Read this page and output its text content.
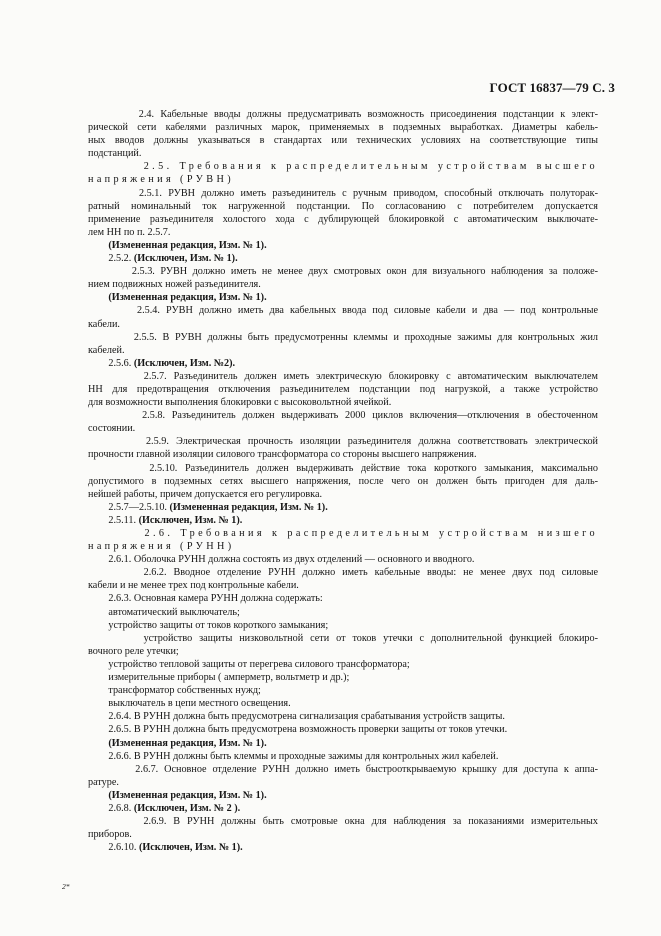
ГОСТ 16837—79 С. 3
2.4. Кабельные вводы должны предусматривать возможность присоединения подстанции к элект-
рической сети кабелями различных марок, применяемых в подземных выработках. Диаметры кабель-
ных вводов должны указываться в стандартах или технических условиях на соответствующие типы
подстанций.
2.5. Требования к распределительным устройствам высшего
напряжения (РУВН)
2.5.1. РУВН должно иметь разъединитель с ручным приводом, способный отключать полуторак-
ратный номинальный ток нагруженной подстанции. По согласованию с потребителем допускается
применение разъединителя холостого хода с дублирующей блокировкой с автоматическим выключате-
лем НН по п. 2.5.7.
(Измененная редакция, Изм. № 1).
2.5.2. (Исключен, Изм. № 1).
2.5.3. РУВН должно иметь не менее двух смотровых окон для визуального наблюдения за положе-
нием подвижных ножей разъединителя.
(Измененная редакция, Изм. № 1).
2.5.4. РУВН должно иметь два кабельных ввода под силовые кабели и два — под контрольные
кабели.
2.5.5. В РУВН должны быть предусмотренны клеммы и проходные зажимы для контрольных жил
кабелей.
2.5.6. (Исключен, Изм. №2).
2.5.7. Разъединитель должен иметь электрическую блокировку с автоматическим выключателем
НН для предотвращения отключения разъединителем подстанции под нагрузкой, а также устройство
для возможности выполнения блокировки с высоковольтной ячейкой.
2.5.8. Разъединитель должен выдерживать 2000 циклов включения—отключения в обесточенном
состоянии.
2.5.9. Электрическая прочность изоляции разъединителя должна соответствовать электрической
прочности главной изоляции силового трансформатора со стороны высшего напряжения.
2.5.10. Разъединитель должен выдерживать действие тока короткого замыкания, максимально
допустимого в подземных сетях высшего напряжения, после чего он должен быть пригоден для даль-
нейшей работы, причем допускается его регулировка.
2.5.7—2.5.10. (Измененная редакция, Изм. № 1).
2.5.11. (Исключен, Изм. № 1).
2.6. Требования к распределительным устройствам низшего
напряжения (РУНН)
2.6.1. Оболочка РУНН должна состоять из двух отделений — основного и вводного.
2.6.2. Вводное отделение РУНН должно иметь кабельные вводы: не менее двух под силовые
кабели и не менее трех под контрольные кабели.
2.6.3. Основная камера РУНН должна содержать:
автоматический выключатель;
устройство защиты от токов короткого замыкания;
устройство защиты низковольтной сети от токов утечки с дополнительной функцией блокиро-
вочного реле утечки;
устройство тепловой защиты от перегрева силового трансформатора;
измерительные приборы ( амперметр, вольтметр и др.);
трансформатор собственных нужд;
выключатель в цепи местного освещения.
2.6.4. В РУНН должна быть предусмотрена сигнализация срабатывания устройств защиты.
2.6.5. В РУНН должна быть предусмотрена возможность проверки защиты от токов утечки.
(Измененная редакция, Изм. № 1).
2.6.6. В РУНН должны быть клеммы и проходные зажимы для контрольных жил кабелей.
2.6.7. Основное отделение РУНН должно иметь быстрооткрываемую крышку для доступа к аппа-
ратуре.
(Измененная редакция, Изм. № 1).
2.6.8. (Исключен, Изм. № 2 ).
2.6.9. В РУНН должны быть смотровые окна для наблюдения за показаниями измерительных
приборов.
2.6.10. (Исключен, Изм. № 1).
2*
